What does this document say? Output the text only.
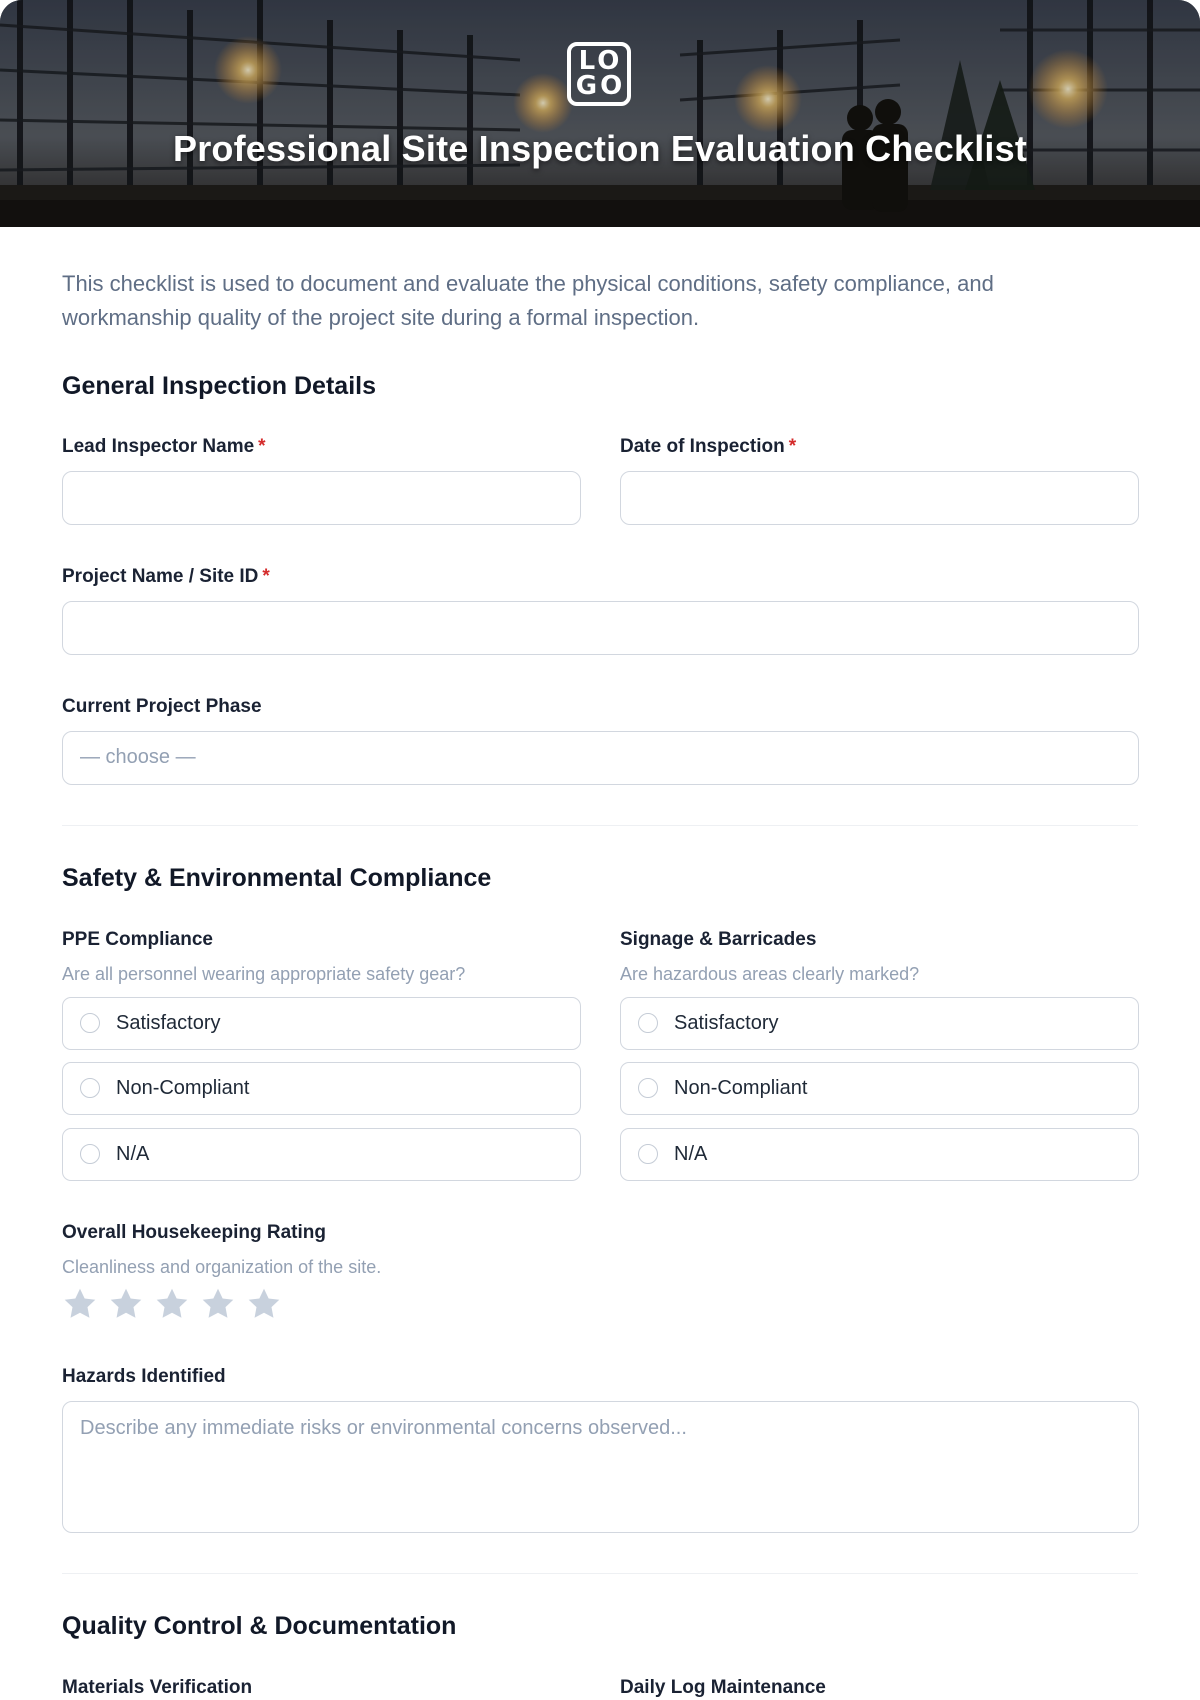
LO
GO
Professional Site Inspection Evaluation Checklist
This checklist is used to document and evaluate the physical conditions, safety compliance, and workmanship quality of the project site during a formal inspection.
General Inspection Details
Lead Inspector Name *	Date of Inspection *
Project Name / Site ID *
Current Project Phase
— choose —
Safety & Environmental Compliance
PPE Compliance
Are all personnel wearing appropriate safety gear?
Satisfactory
Non-Compliant
N/A
Signage & Barricades
Are hazardous areas clearly marked?
Satisfactory
Non-Compliant
N/A
Overall Housekeeping Rating
Cleanliness and organization of the site.
Hazards Identified
Describe any immediate risks or environmental concerns observed...
Quality Control & Documentation
Materials Verification	Daily Log Maintenance
